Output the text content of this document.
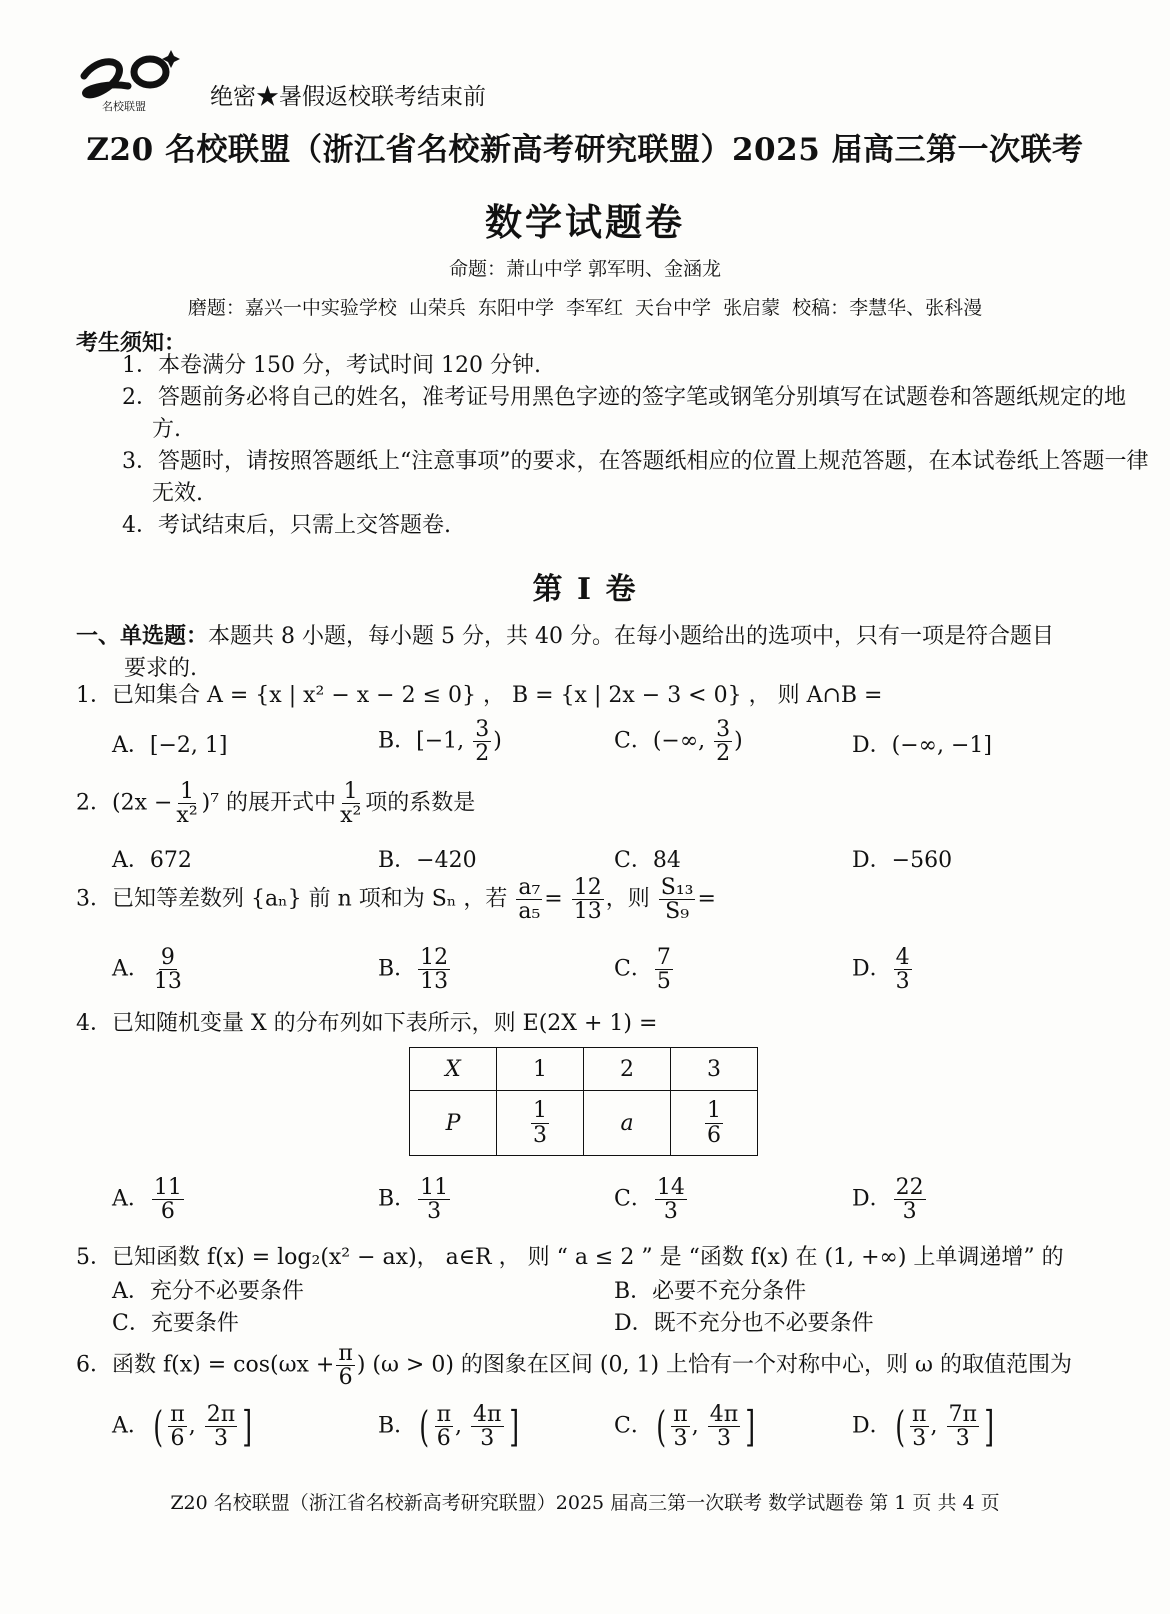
名校联盟	绝密★暑假返校联考结束前
Z20 名校联盟（浙江省名校新高考研究联盟）2025 届高三第一次联考
数学试题卷
命题：萧山中学 郭军明、金涵龙
磨题：嘉兴一中实验学校 山荣兵 东阳中学 李军红 天台中学 张启蒙 校稿：李慧华、张科漫
考生须知：
1．本卷满分 150 分，考试时间 120 分钟.
2．答题前务必将自己的姓名，准考证号用黑色字迹的签字笔或钢笔分别填写在试题卷和答题纸规定的地方.
3．答题时，请按照答题纸上“注意事项”的要求，在答题纸相应的位置上规范答题，在本试卷纸上答题一律无效.
4．考试结束后，只需上交答题卷.
第 I 卷
一、单选题：本题共 8 小题，每小题 5 分，共 40 分。在每小题给出的选项中，只有一项是符合题目
要求的.
1．已知集合 A = {x | x² − x − 2 ≤ 0} ， B = {x | 2x − 3 < 0} ， 则 A∩B =
A．[−2, 1]	B．[−1, $\frac{3}{2}$ )	C．(−∞, $\frac{3}{2}$ )	D．(−∞, −1]
2．$(2x - \frac{1}{\text{x²}} )^7$ 的展开式中 $\frac{1}{\text{x²}}$ 项的系数是
A．672	B．−420	C．84	D．−560
3．已知等差数列 {aₙ} 前 n 项和为 Sₙ ，若 $\frac{\text{a₇}}{\text{a₅}} = \frac{12}{13}$ ，则 $\frac{\text{S₁₃}}{\text{S₉}}$ =
A． $\frac{9}{13}$	B． $\frac{12}{13}$	C． $\frac{7}{5}$	D． $\frac{4}{3}$
4．已知随机变量 X 的分布列如下表所示，则 E(2X + 1) =
X	1	2	3
P	$\frac{1}{3}$	a	$\frac{1}{6}$
A． $\frac{11}{6}$	B． $\frac{11}{3}$	C． $\frac{14}{3}$	D． $\frac{22}{3}$
5．已知函数 f(x) = log₂(x² − ax)， a∈R ， 则 “ a ≤ 2 ” 是 “函数 f(x) 在 (1, +∞) 上单调递增” 的
A．充分不必要条件	B．必要不充分条件
C．充要条件	D．既不充分也不必要条件
6．函数 $f(x) = \cos(\omega x + \frac{\pi}{6}$ ) (ω > 0) 的图象在区间 (0, 1) 上恰有一个对称中心，则 ω 的取值范围为
A．( $\frac{\pi}{6}$ , $\frac{2\pi}{3}$ ]	B．( $\frac{\pi}{6}$ , $\frac{4\pi}{3}$ ]	C．( $\frac{\pi}{3}$ , $\frac{4\pi}{3}$ ]	D．( $\frac{\pi}{3}$ , $\frac{7\pi}{3}$ ]
Z20 名校联盟（浙江省名校新高考研究联盟）2025 届高三第一次联考 数学试题卷 第 1 页 共 4 页
